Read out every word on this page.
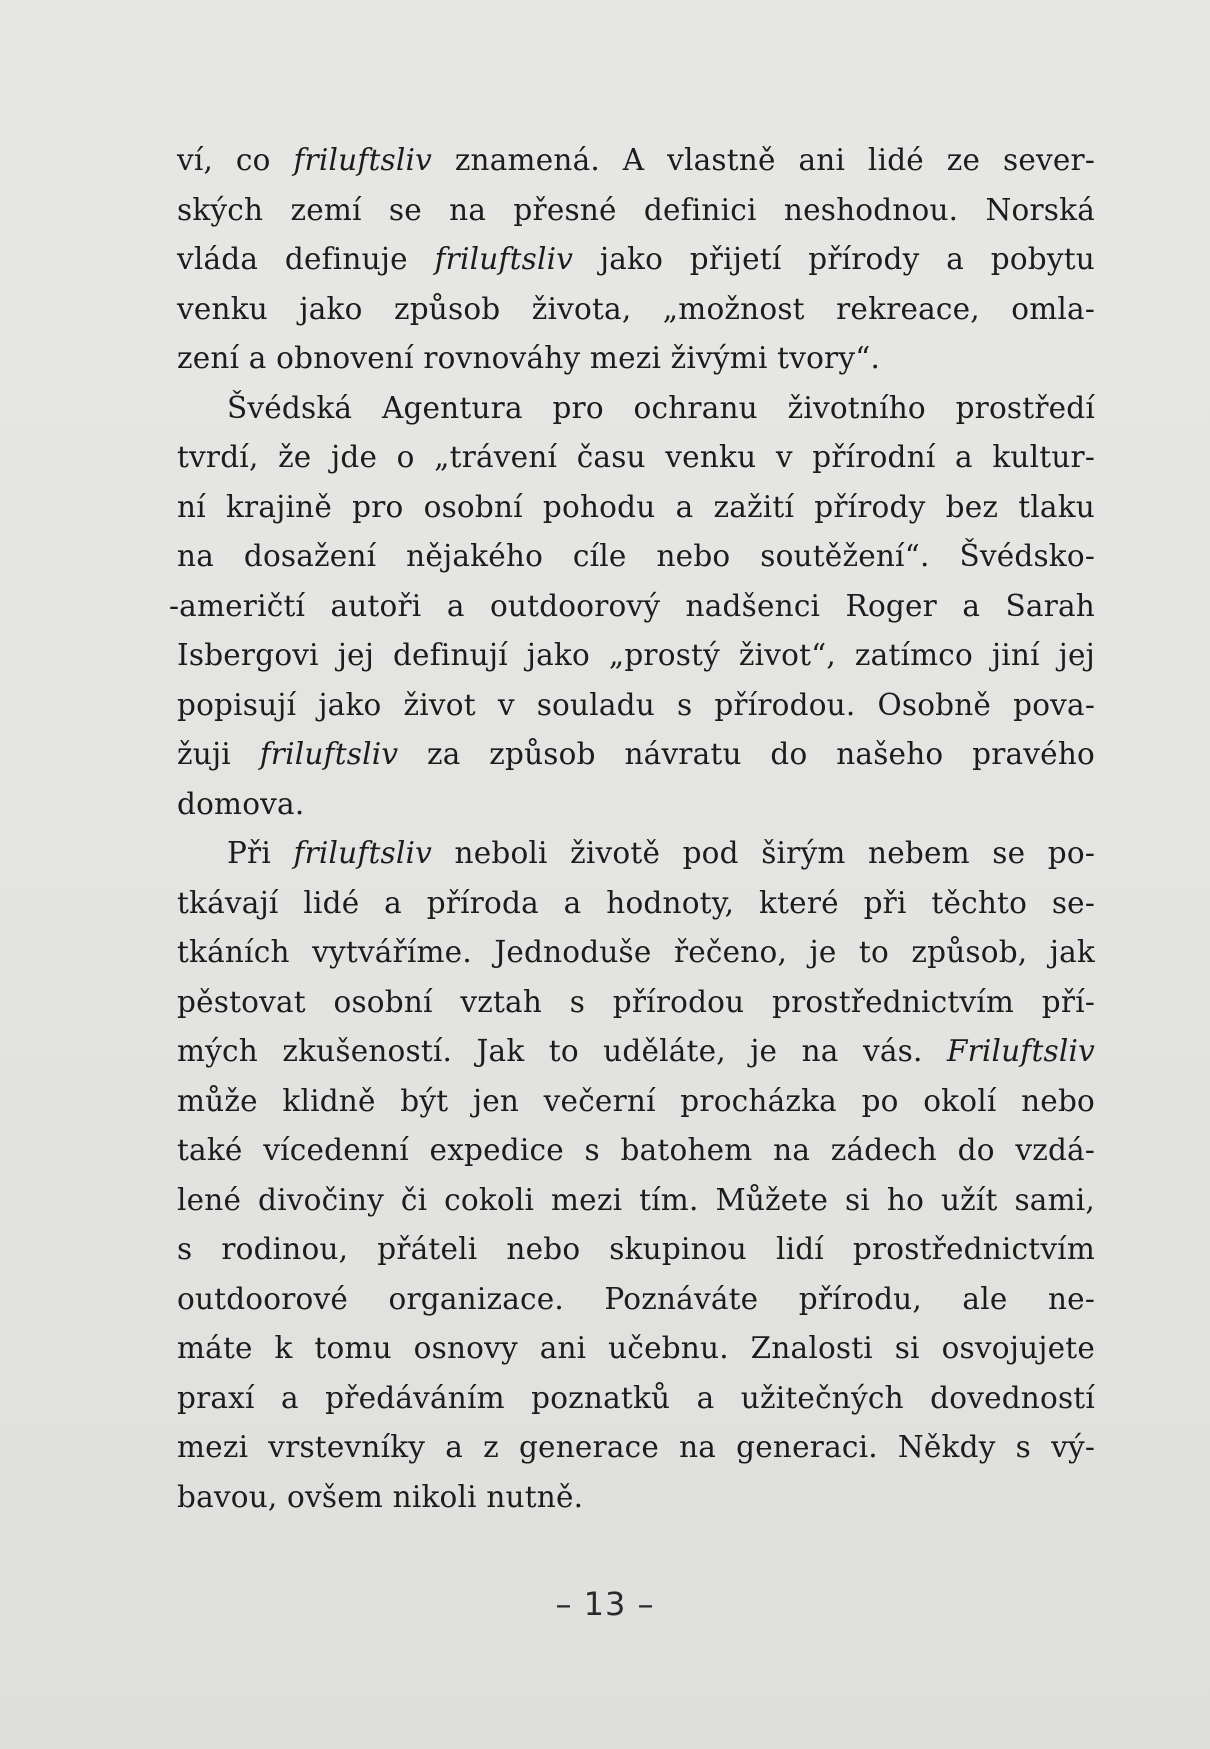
ví, co friluftsliv znamená. A vlastně ani lidé ze sever-
ských zemí se na přesné definici neshodnou. Norská
vláda definuje friluftsliv jako přijetí přírody a pobytu
venku jako způsob života, „možnost rekreace, omla-
zení a obnovení rovnováhy mezi živými tvory“.
Švédská Agentura pro ochranu životního prostředí
tvrdí, že jde o „trávení času venku v přírodní a kultur-
ní krajině pro osobní pohodu a zažití přírody bez tlaku
na dosažení nějakého cíle nebo soutěžení“. Švédsko-
-američtí autoři a outdoorový nadšenci Roger a Sarah
Isbergovi jej definují jako „prostý život“, zatímco jiní jej
popisují jako život v souladu s přírodou. Osobně pova-
žuji friluftsliv za způsob návratu do našeho pravého
domova.
Při friluftsliv neboli životě pod širým nebem se po-
tkávají lidé a příroda a hodnoty, které při těchto se-
tkáních vytváříme. Jednoduše řečeno, je to způsob, jak
pěstovat osobní vztah s přírodou prostřednictvím pří-
mých zkušeností. Jak to uděláte, je na vás. Friluftsliv
může klidně být jen večerní procházka po okolí nebo
také vícedenní expedice s batohem na zádech do vzdá-
lené divočiny či cokoli mezi tím. Můžete si ho užít sami,
s rodinou, přáteli nebo skupinou lidí prostřednictvím
outdoorové organizace. Poznáváte přírodu, ale ne-
máte k tomu osnovy ani učebnu. Znalosti si osvojujete
praxí a předáváním poznatků a užitečných dovedností
mezi vrstevníky a z generace na generaci. Někdy s vý-
bavou, ovšem nikoli nutně.
– 13 –
